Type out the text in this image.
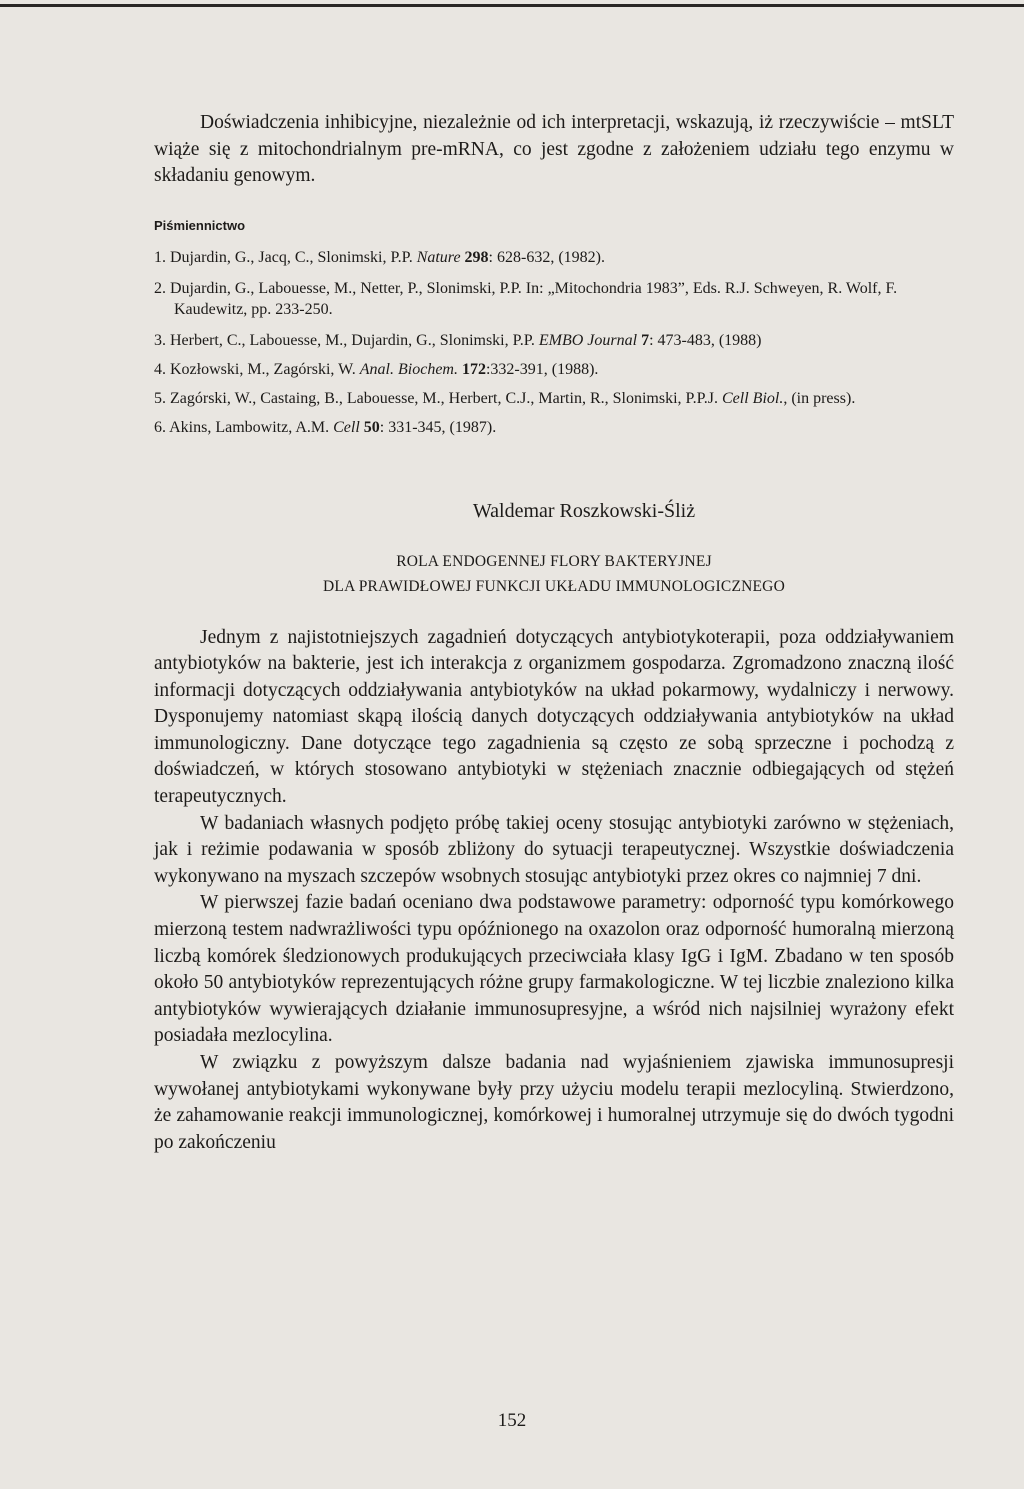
Doświadczenia inhibicyjne, niezależnie od ich interpretacji, wskazują, iż rzeczywiście – mtSLT wiąże się z mitochondrialnym pre-mRNA, co jest zgodne z założeniem udziału tego enzymu w składaniu genowym.

Piśmiennictwo
1. Dujardin, G., Jacq, C., Slonimski, P.P. Nature 298: 628-632, (1982).
2. Dujardin, G., Labouesse, M., Netter, P., Slonimski, P.P. In: „Mitochondria 1983”, Eds. R.J. Schweyen, R. Wolf, F. Kaudewitz, pp. 233-250.
3. Herbert, C., Labouesse, M., Dujardin, G., Slonimski, P.P. EMBO Journal 7: 473-483, (1988)
4. Kozłowski, M., Zagórski, W. Anal. Biochem. 172:332-391, (1988).
5. Zagórski, W., Castaing, B., Labouesse, M., Herbert, C.J., Martin, R., Slonimski, P.P.J. Cell Biol., (in press).
6. Akins, Lambowitz, A.M. Cell 50: 331-345, (1987).
Waldemar Roszkowski-Śliż
ROLA ENDOGENNEJ FLORY BAKTERYJNEJ
DLA PRAWIDŁOWEJ FUNKCJI UKŁADU IMMUNOLOGICZNEGO

Jednym z najistotniejszych zagadnień dotyczących antybiotykoterapii, poza oddziaływaniem antybiotyków na bakterie, jest ich interakcja z organizmem gospodarza. Zgromadzono znaczną ilość informacji dotyczących oddziaływania antybiotyków na układ pokarmowy, wydalniczy i nerwowy. Dysponujemy natomiast skąpą ilością danych dotyczących oddziaływania antybiotyków na układ immunologiczny. Dane dotyczące tego zagadnienia są często ze sobą sprzeczne i pochodzą z doświadczeń, w których stosowano antybiotyki w stężeniach znacznie odbiegających od stężeń terapeutycznych.

W badaniach własnych podjęto próbę takiej oceny stosując antybiotyki zarówno w stężeniach, jak i reżimie podawania w sposób zbliżony do sytuacji terapeutycznej. Wszystkie doświadczenia wykonywano na myszach szczepów wsobnych stosując antybiotyki przez okres co najmniej 7 dni.

W pierwszej fazie badań oceniano dwa podstawowe parametry: odporność typu komórkowego mierzoną testem nadwrażliwości typu opóźnionego na oxazolon oraz odporność humoralną mierzoną liczbą komórek śledzionowych produkujących przeciwciała klasy IgG i IgM. Zbadano w ten sposób około 50 antybiotyków reprezentujących różne grupy farmakologiczne. W tej liczbie znaleziono kilka antybiotyków wywierających działanie immunosupresyjne, a wśród nich najsilniej wyrażony efekt posiadała mezlocylina.

W związku z powyższym dalsze badania nad wyjaśnieniem zjawiska immunosupresji wywołanej antybiotykami wykonywane były przy użyciu modelu terapii mezlocyliną. Stwierdzono, że zahamowanie reakcji immunologicznej, komórkowej i humoralnej utrzymuje się do dwóch tygodni po zakończeniu

152
